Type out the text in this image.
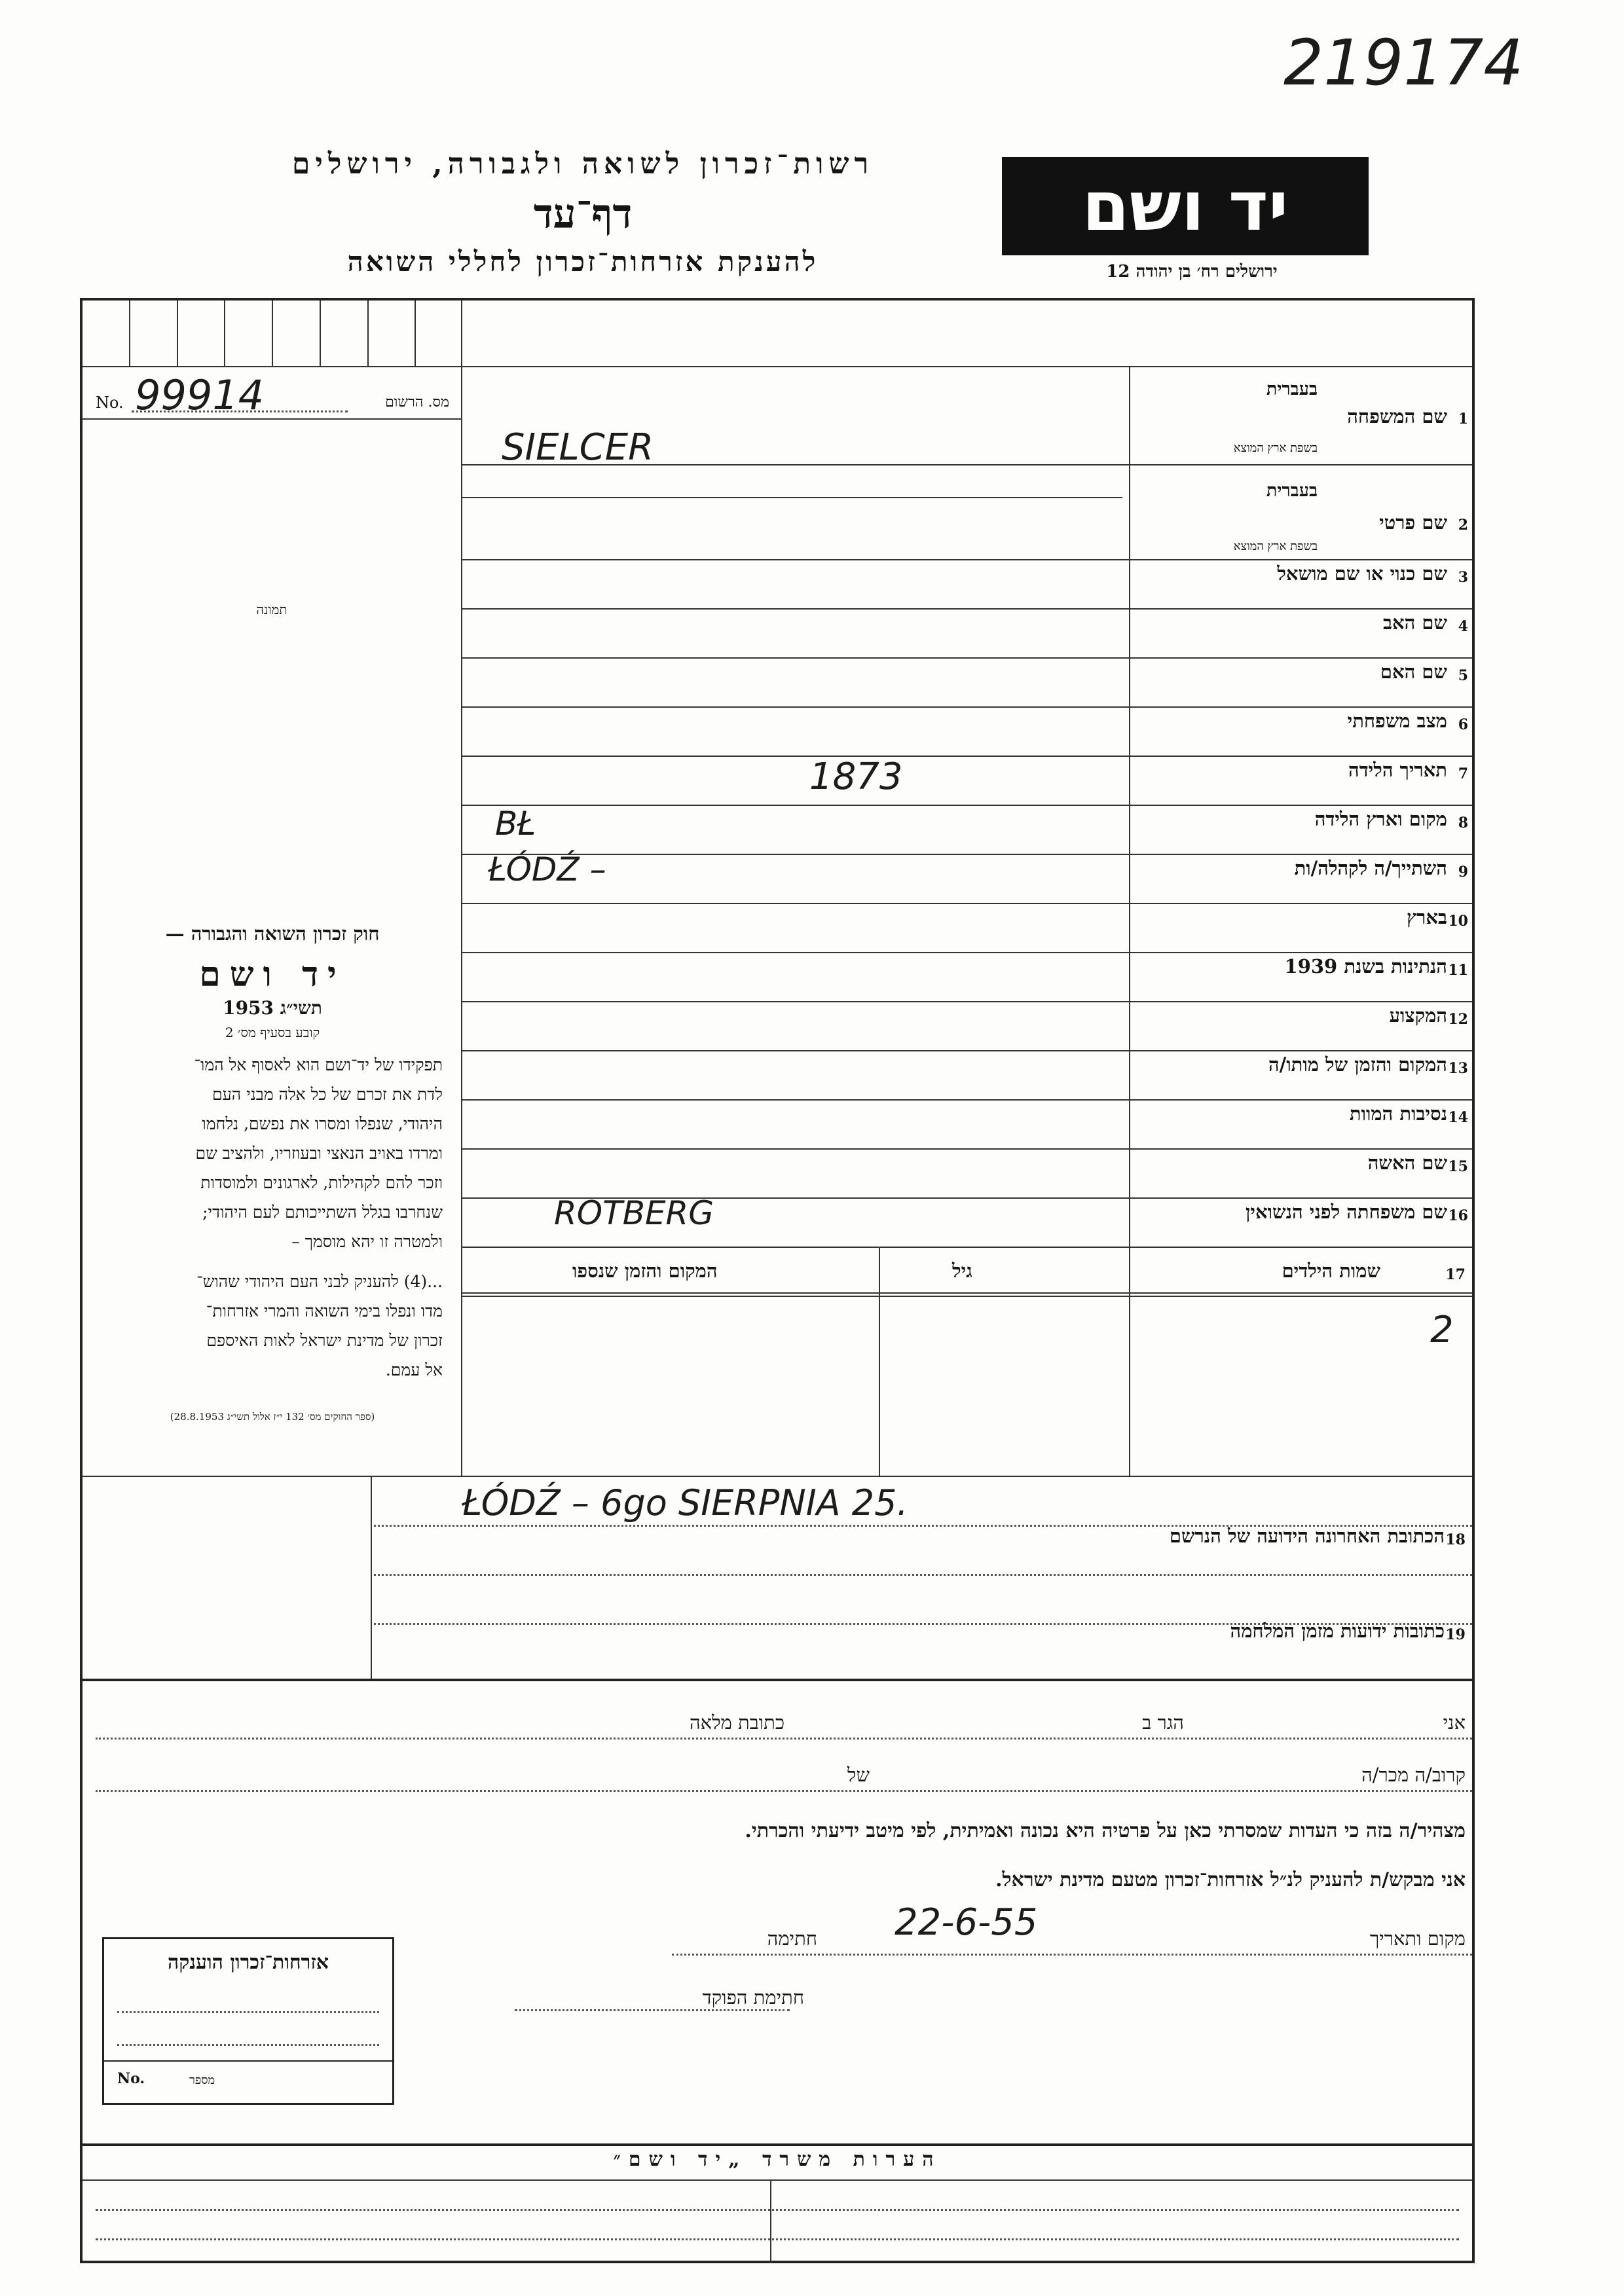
219174
רשות־זכרון לשואה ולגבורה, ירושלים
דף־עד
להענקת אזרחות־זכרון לחללי השואה
יד ושם
ירושלים רח׳ בן יהודה 12
No. 99914	מס. הרשום
תמונה
חוק זכרון השואה והגבורה —
יד ושם
תשי״ג 1953
קובע בסעיף מס׳ 2
תפקידו של יד־ושם הוא לאסוף אל המו־
לדת את זכרם של כל אלה מבני העם
היהודי, שנפלו ומסרו את נפשם, נלחמו
ומרדו באויב הנאצי ובעוזריו, ולהציב שם
וזכר להם לקהילות, לארגונים ולמוסדות
שנחרבו בגלל השתייכותם לעם היהודי;
ולמטרה זו יהא מוסמך –
...(4) להעניק לבני העם היהודי שהוש־
מדו ונפלו בימי השואה והמרי אזרחות־
זכרון של מדינת ישראל לאות האיספם
אל עמם.
(ספר החוקים מס׳ 132 י״ז אלול תשי״ג 28.8.1953)
1
שם המשפחה
בעברית
בשפת ארץ המוצא
2
שם פרטי
בעברית
בשפת ארץ המוצא
3
שם כנוי או שם מושאל
4
שם האב
5
שם האם
6
מצב משפחתי
7
תאריך הלידה
8
מקום וארץ הלידה
9
השתייך/ה לקהלה/ות
10
בארץ
11
הנתינות בשנת 1939
12
המקצוע
13
המקום והזמן של מותו/ה
14
נסיבות המוות
15
שם האשה
16
שם משפחתה לפני הנשואין
SIELCER
1873
BŁ
ŁÓDŹ –
ROTBERG
17
שמות הילדים
גיל
המקום והזמן שנספו
2
ŁÓDŹ – 6go SIERPNIA 25.
18
הכתובת האחרונה הידועה של הנרשם
19
כתובות ידועות מזמן המלחמה
אני
הגר ב
כתובת מלאה
קרוב/ה מכר/ה
של
מצהיר/ה בזה כי העדות שמסרתי כאן על פרטיה היא נכונה ואמיתית, לפי מיטב ידיעתי והכרתי.
אני מבקש/ת להעניק לנ״ל אזרחות־זכרון מטעם מדינת ישראל.
מקום ותאריך
22-6-55
חתימה
חתימת הפוקד
אזרחות־זכרון הוענקה
No.	מספר
הערות משרד „יד ושם״
